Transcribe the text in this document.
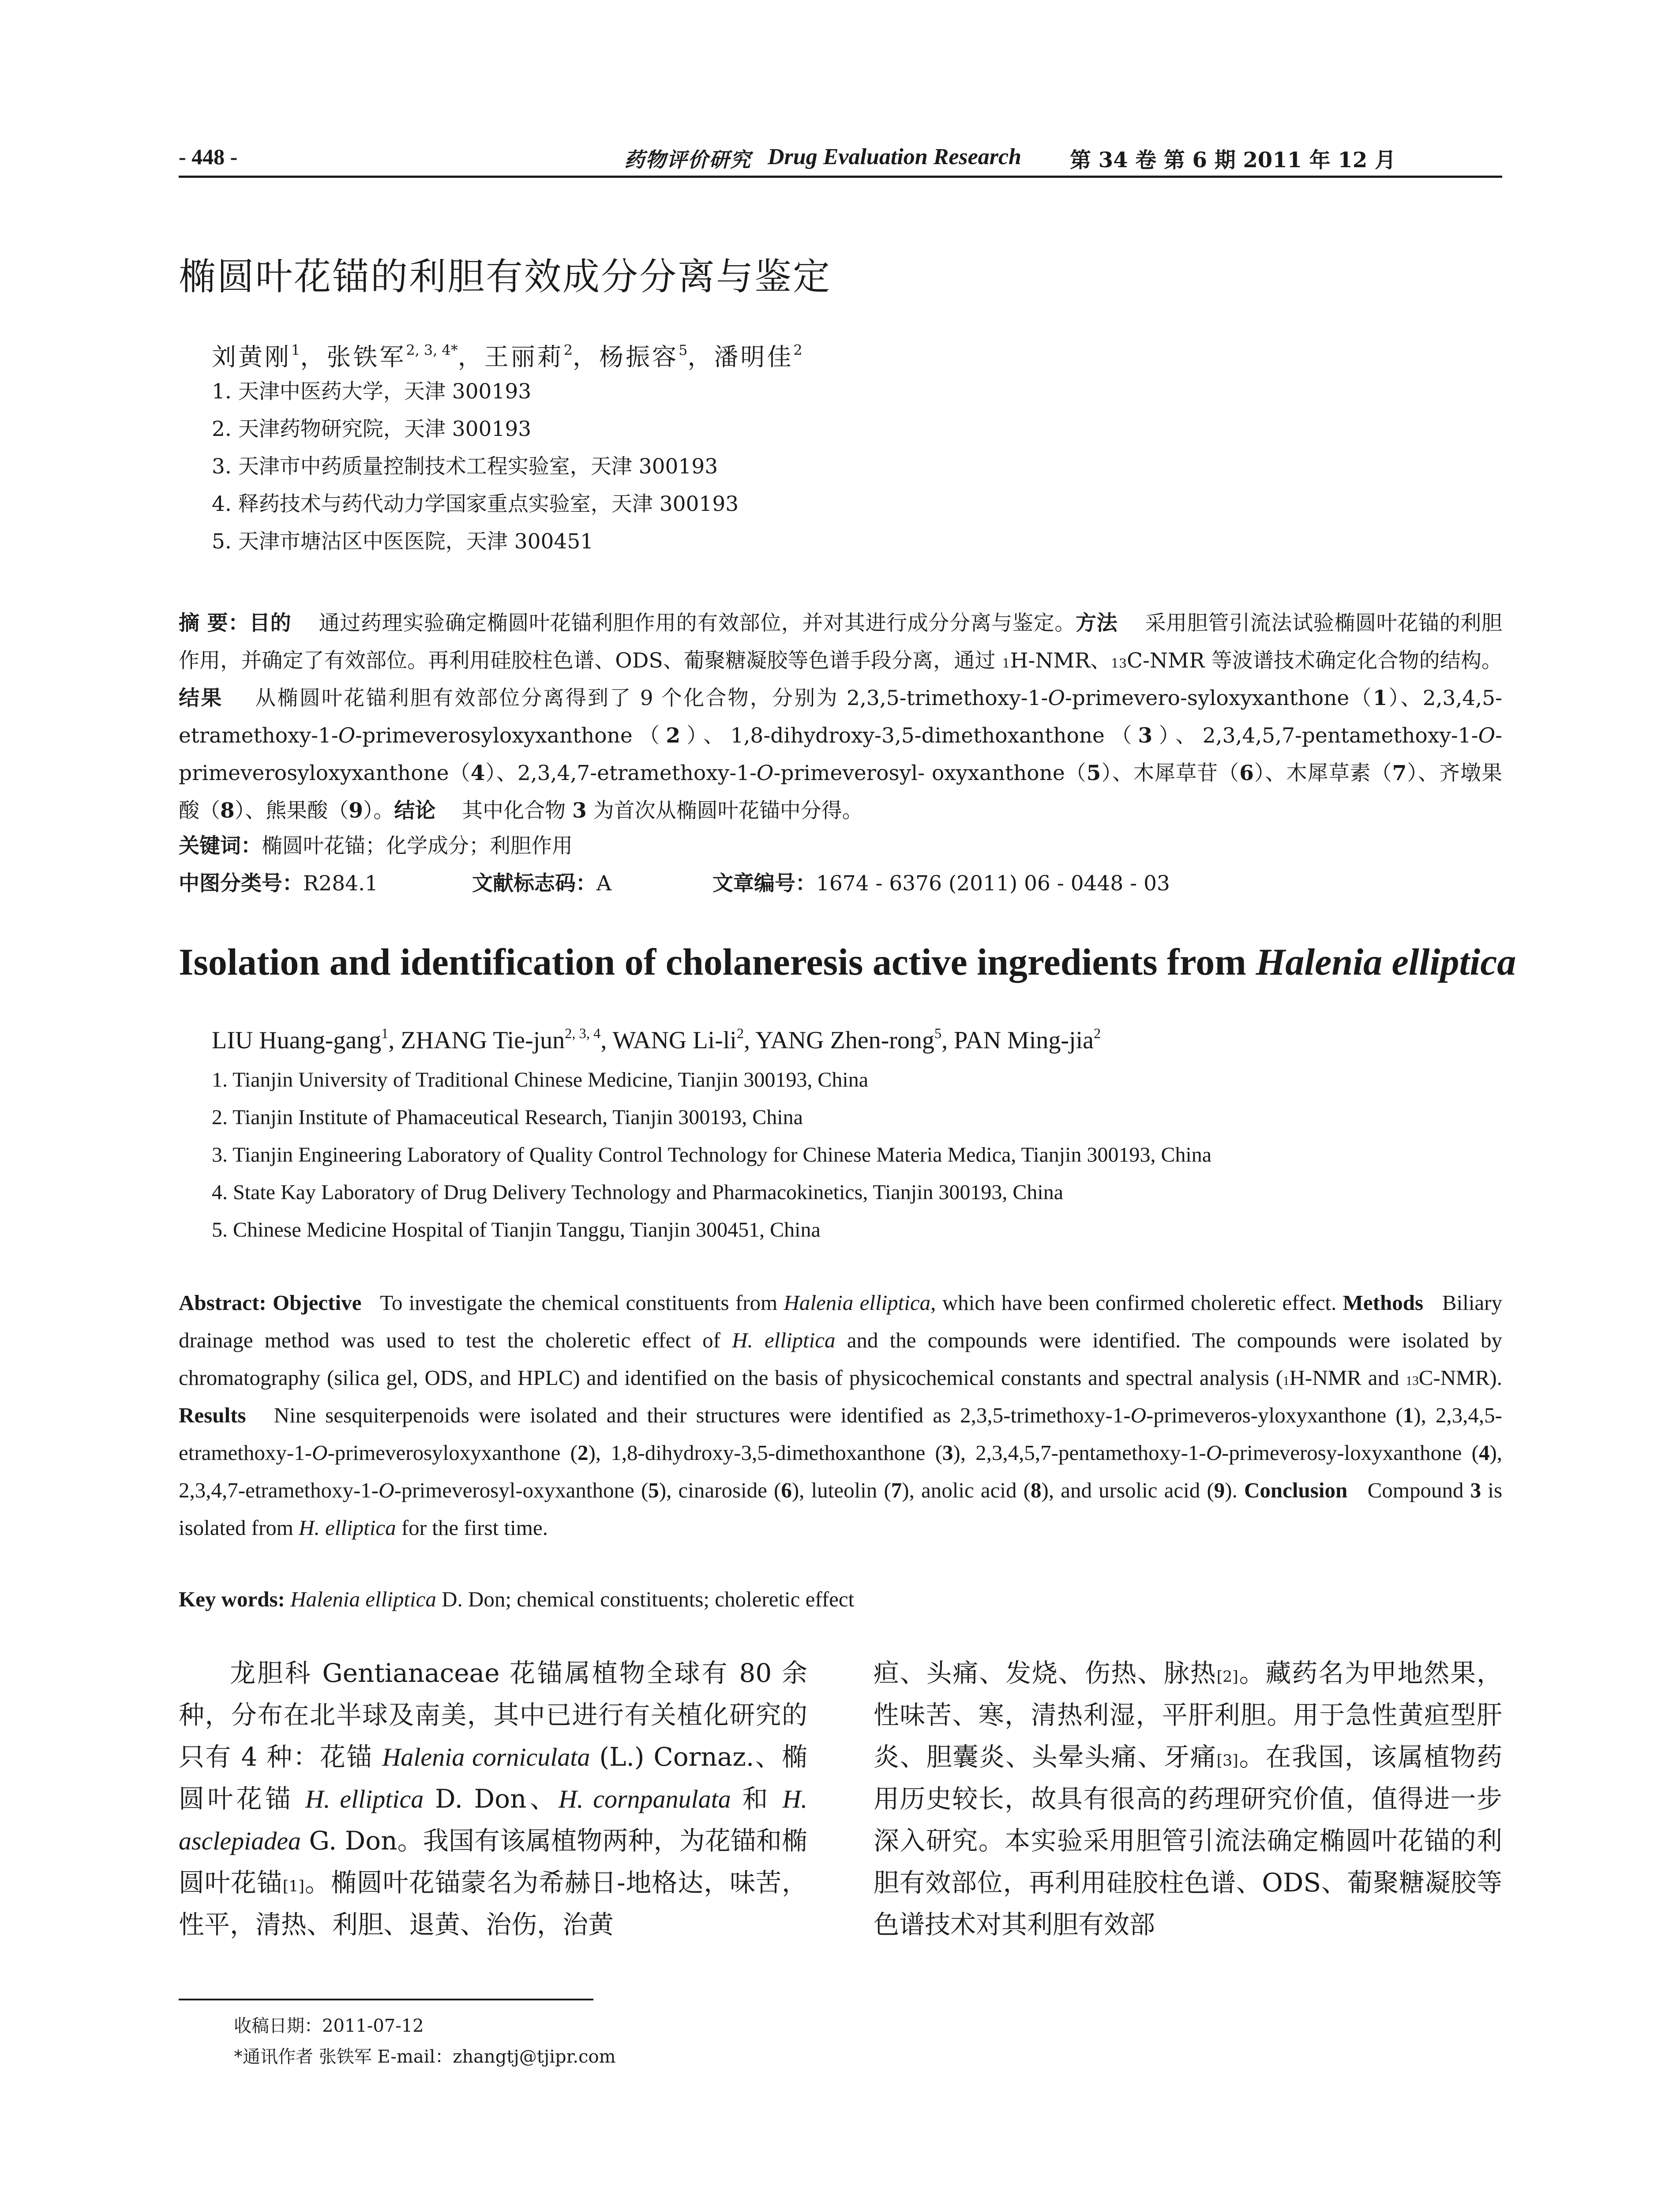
- 448 -	药物评价研究 Drug Evaluation Research 第 34 卷 第 6 期 2011 年 12 月
椭圆叶花锚的利胆有效成分分离与鉴定
刘黄刚$^1$，张铁军$^{2, 3, 4*}$，王丽莉$^2$，杨振容$^5$，潘明佳$^2$
1. 天津中医药大学，天津 300193
2. 天津药物研究院，天津 300193
3. 天津市中药质量控制技术工程实验室，天津 300193
4. 释药技术与药代动力学国家重点实验室，天津 300193
5. 天津市塘沽区中医医院，天津 300451
摘 要：目的 通过药理实验确定椭圆叶花锚利胆作用的有效部位，并对其进行成分分离与鉴定。方法 采用胆管引流法试验椭圆叶花锚的利胆作用，并确定了有效部位。再利用硅胶柱色谱、ODS、葡聚糖凝胶等色谱手段分离，通过 $^1$H-NMR、$^{13}$C-NMR 等波谱技术确定化合物的结构。结果 从椭圆叶花锚利胆有效部位分离得到了 9 个化合物，分别为 2,3,5-trimethoxy-1-O-primevero-syloxyxanthone（1）、2,3,4,5-etramethoxy-1-O-primeverosyloxyxanthone（2）、1,8-dihydroxy-3,5-dimethoxanthone（3）、2,3,4,5,7-pentamethoxy-1-O-primeverosyloxyxanthone（4）、2,3,4,7-etramethoxy-1-O-primeverosyl- oxyxanthone（5）、木犀草苷（6）、木犀草素（7）、齐墩果酸（8）、熊果酸（9）。结论 其中化合物 3 为首次从椭圆叶花锚中分得。
关键词：椭圆叶花锚；化学成分；利胆作用
中图分类号：R284.1	文献标志码：A	文章编号：1674 - 6376 (2011) 06 - 0448 - 03
Isolation and identification of cholaneresis active ingredients from Halenia elliptica
LIU Huang-gang$^1$, ZHANG Tie-jun$^{2, 3, 4}$, WANG $Li-li^2$, YANG Zhen-rong$^5$, PAN Ming-jia$^2$
1. Tianjin University of Traditional Chinese Medicine, Tianjin 300193, China
2. Tianjin Institute of Phamaceutical Research, Tianjin 300193, China
3. Tianjin Engineering Laboratory of Quality Control Technology for Chinese Materia Medica, Tianjin 300193, China
4. State Kay Laboratory of Drug Delivery Technology and Pharmacokinetics, Tianjin 300193, China
5. Chinese Medicine Hospital of Tianjin Tanggu, Tianjin 300451, China
Abstract: Objective To investigate the chemical constituents from Halenia elliptica, which have been confirmed choleretic effect. Methods Biliary drainage method was used to test the choleretic effect of H. elliptica and the compounds were identified. The compounds were isolated by chromatography (silica gel, ODS, and HPLC) and identified on the basis of physicochemical constants and spectral analysis ($^1$H-NMR and $^{13}$C-NMR). Results Nine sesquiterpenoids were isolated and their structures were identified as 2,3,5-trimethoxy-1-O-primeveros-yloxyxanthone (1), 2,3,4,5-etramethoxy-1-O-primeverosyloxyxanthone (2), 1,8-dihydroxy-3,5-dimethoxanthone (3), 2,3,4,5,7-pentamethoxy-1-O-primeverosy-loxyxanthone (4), 2,3,4,7-etramethoxy-1-O-primeverosyl-oxyxanthone (5), cinaroside (6), luteolin (7), anolic acid (8), and ursolic acid (9). Conclusion Compound 3 is isolated from H. elliptica for the first time.
Key words: Halenia elliptica D. Don; chemical constituents; choleretic effect
龙胆科 Gentianaceae 花锚属植物全球有 80 余种，分布在北半球及南美，其中已进行有关植化研究的只有 4 种：花锚 Halenia corniculata (L.) Cornaz.、椭圆叶花锚 H. elliptica D. Don、H. cornpanulata 和 H. asclepiadea G. Don。我国有该属植物两种，为花锚和椭圆叶花锚[1]。椭圆叶花锚蒙名为希赫日-地格达，味苦，性平，清热、利胆、退黄、治伤，治黄
疸、头痛、发烧、伤热、脉热[2]。藏药名为甲地然果，性味苦、寒，清热利湿，平肝利胆。用于急性黄疸型肝炎、胆囊炎、头晕头痛、牙痛[3]。在我国，该属植物药用历史较长，故具有很高的药理研究价值，值得进一步深入研究。本实验采用胆管引流法确定椭圆叶花锚的利胆有效部位，再利用硅胶柱色谱、ODS、葡聚糖凝胶等色谱技术对其利胆有效部
收稿日期：2011-07-12
*通讯作者 张铁军 E-mail：zhangtj@tjipr.com
